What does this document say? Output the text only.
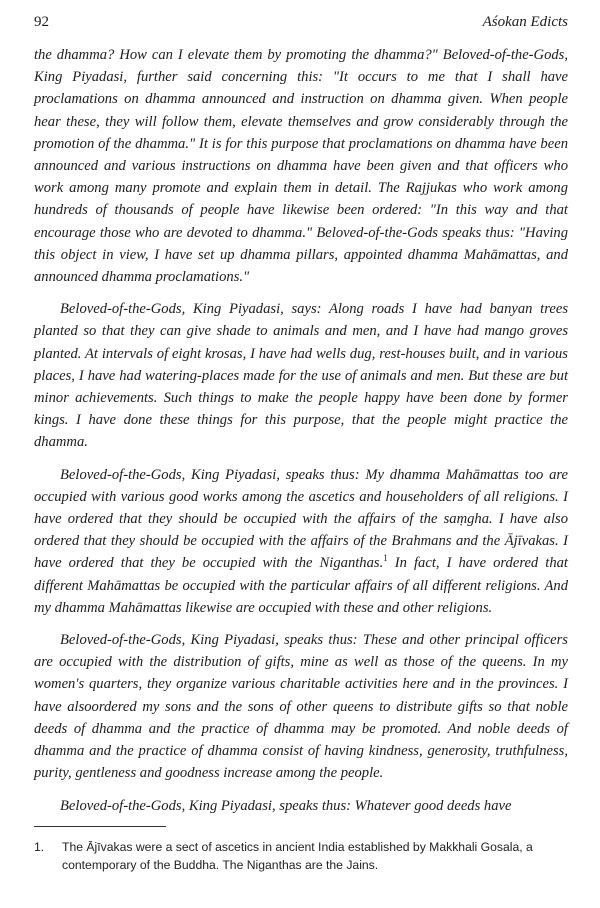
92	Aśokan Edicts

the dhamma? How can I elevate them by promoting the dhamma?" Beloved-of-the-Gods, King Piyadasi, further said concerning this: "It occurs to me that I shall have proclamations on dhamma announced and instruction on dhamma given. When people hear these, they will follow them, elevate themselves and grow considerably through the promotion of the dhamma." It is for this purpose that proclamations on dhamma have been announced and various instructions on dhamma have been given and that officers who work among many promote and explain them in detail. The Rajjukas who work among hundreds of thousands of people have likewise been ordered: "In this way and that encourage those who are devoted to dhamma." Beloved-of-the-Gods speaks thus: "Having this object in view, I have set up dhamma pillars, appointed dhamma Mahāmattas, and announced dhamma proclamations."

Beloved-of-the-Gods, King Piyadasi, says: Along roads I have had banyan trees planted so that they can give shade to animals and men, and I have had mango groves planted. At intervals of eight krosas, I have had wells dug, rest-houses built, and in various places, I have had watering-places made for the use of animals and men. But these are but minor achievements. Such things to make the people happy have been done by former kings. I have done these things for this purpose, that the people might practice the dhamma.

Beloved-of-the-Gods, King Piyadasi, speaks thus: My dhamma Mahāmattas too are occupied with various good works among the ascetics and householders of all religions. I have ordered that they should be occupied with the affairs of the saṃgha. I have also ordered that they should be occupied with the affairs of the Brahmans and the Ājīvakas. I have ordered that they be occupied with the Niganthas.$^1$ In fact, I have ordered that different Mahāmattas be occupied with the particular affairs of all different religions. And my dhamma Mahāmattas likewise are occupied with these and other religions.

Beloved-of-the-Gods, King Piyadasi, speaks thus: These and other principal officers are occupied with the distribution of gifts, mine as well as those of the queens. In my women's quarters, they organize various charitable activities here and in the provinces. I have alsoordered my sons and the sons of other queens to distribute gifts so that noble deeds of dhamma and the practice of dhamma may be promoted. And noble deeds of dhamma and the practice of dhamma consist of having kindness, generosity, truthfulness, purity, gentleness and goodness increase among the people.

Beloved-of-the-Gods, King Piyadasi, speaks thus: Whatever good deeds have

1.	The Ājīvakas were a sect of ascetics in ancient India established by Makkhali Gosala, a contemporary of the Buddha. The Niganthas are the Jains.
